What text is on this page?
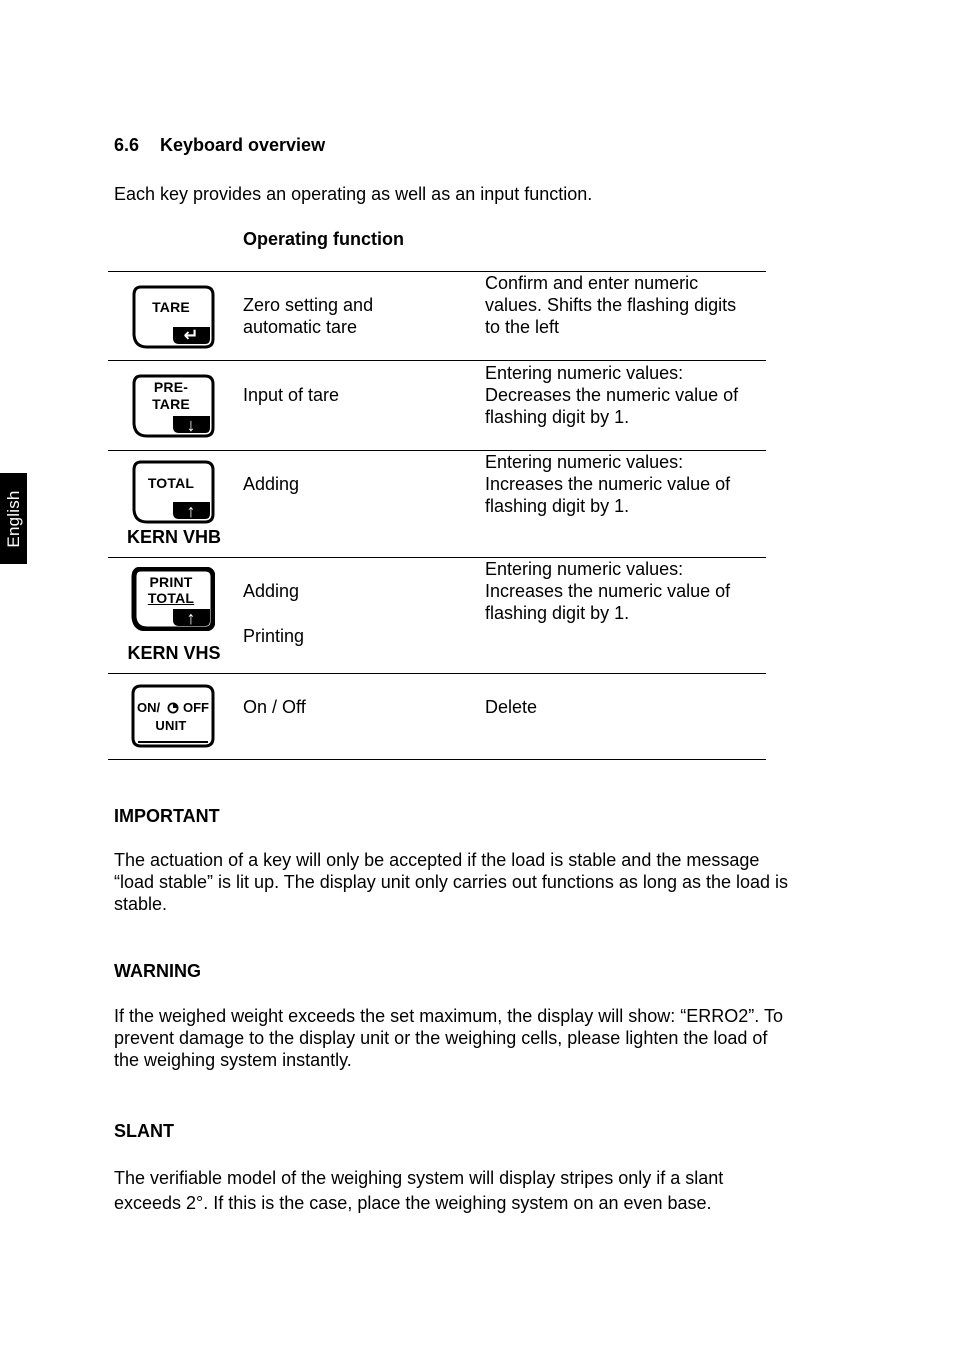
English
6.6 Keyboard overview
Each key provides an operating as well as an input function.
Operating function
TARE
↵
Zero setting and
automatic tare
Confirm and enter numeric
values. Shifts the flashing digits
to the left
PRE-
TARE
↓
Input of tare
Entering numeric values:
Decreases the numeric value of
flashing digit by 1.
TOTAL
↑
KERN VHB
Adding
Entering numeric values:
Increases the numeric value of
flashing digit by 1.
PRINT
TOTAL
↑
KERN VHS
Adding
Printing
Entering numeric values:
Increases the numeric value of
flashing digit by 1.
ON/ OFF
UNIT
On / Off	Delete
IMPORTANT
The actuation of a key will only be accepted if the load is stable and the message
“load stable” is lit up. The display unit only carries out functions as long as the load is
stable.
WARNING
If the weighed weight exceeds the set maximum, the display will show: “ERRO2”. To
prevent damage to the display unit or the weighing cells, please lighten the load of
the weighing system instantly.
SLANT
The verifiable model of the weighing system will display stripes only if a slant
exceeds 2°. If this is the case, place the weighing system on an even base.
